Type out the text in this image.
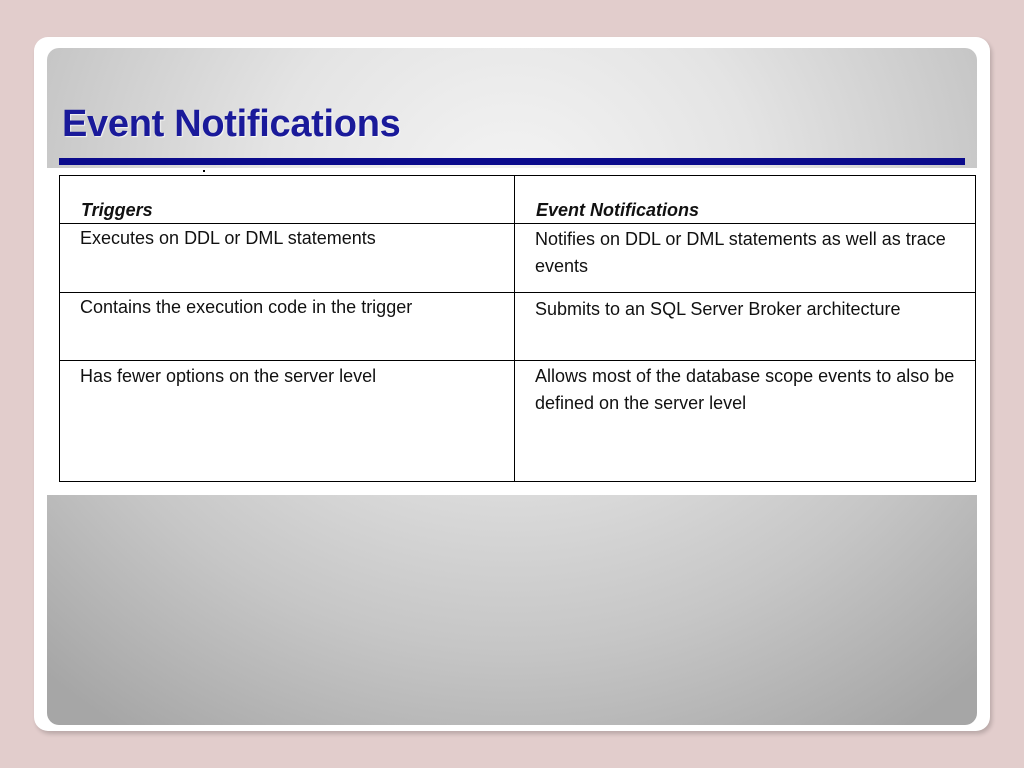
Event Notifications
Triggers	Event Notifications

Executes on DDL or DML statements	Notifies on DDL or DML statements as well as trace events

Contains the execution code in the trigger	Submits to an SQL Server Broker architecture

Has fewer options on the server level	Allows most of the database scope events to also be defined on the server level
